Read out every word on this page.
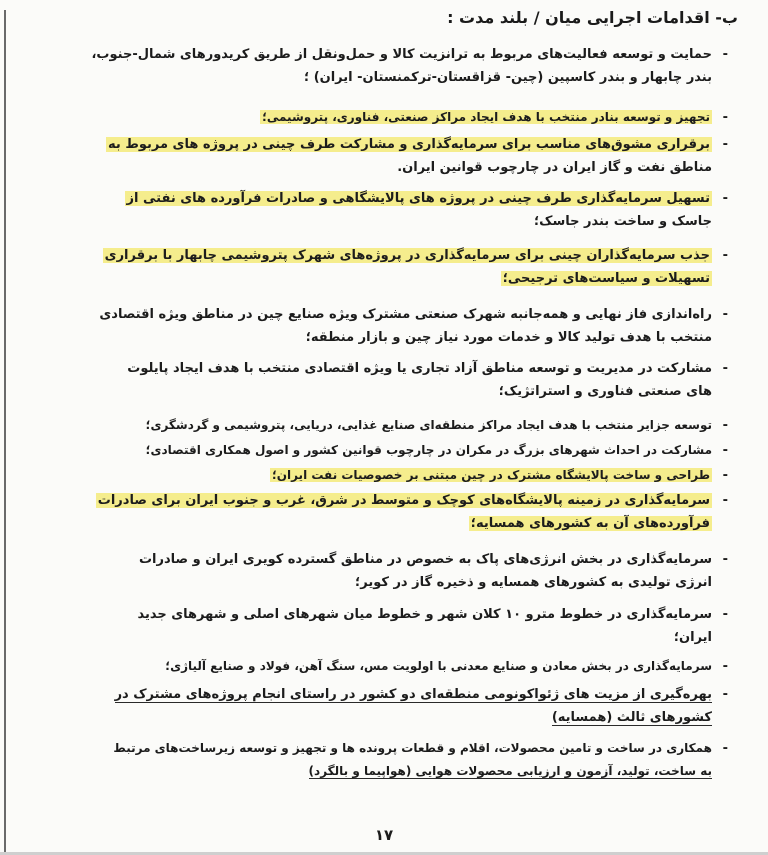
ب- اقدامات اجرایی میان / بلند مدت :
-
حمایت و توسعه فعالیت‌های مربوط به ترانزیت کالا و حمل‌ونقل از طریق کریدورهای شمال-جنوب،
بندر چابهار و بندر کاسپین (چین- قزاقستان-ترکمنستان- ایران) ؛
-
تجهیز و توسعه بنادر منتخب با هدف ایجاد مراکز صنعتی، فناوری، پتروشیمی؛
-
برقراری مشوق‌های مناسب برای سرمایه‌گذاری و مشارکت طرف چینی در پروژه های مربوط به
مناطق نفت و گاز ایران در چارچوب قوانین ایران.
-
تسهیل سرمایه‌گذاری طرف چینی در پروژه های پالایشگاهی و صادرات فرآورده های نفتی از
جاسک و ساخت بندر جاسک؛
-
جذب سرمایه‌گذاران چینی برای سرمایه‌گذاری در پروژه‌های شهرک پتروشیمی چابهار با برقراری
تسهیلات و سیاست‌های ترجیحی؛
-
راه‌اندازی فاز نهایی و همه‌جانبه شهرک صنعتی مشترک ویژه صنایع چین در مناطق ویژه اقتصادی
منتخب با هدف تولید کالا و خدمات مورد نیاز چین و بازار منطقه؛
-
مشارکت در مدیریت و توسعه مناطق آزاد تجاری یا ویژه اقتصادی منتخب با هدف ایجاد پایلوت
های صنعتی فناوری و استراتژیک؛
-
توسعه جزایر منتخب با هدف ایجاد مراکز منطقه‌ای صنایع غذایی، دریایی، پتروشیمی و گردشگری؛
-
مشارکت در احداث شهرهای بزرگ در مکران در چارچوب قوانین کشور و اصول همکاری اقتصادی؛
-
طراحی و ساخت پالایشگاه مشترک در چین مبتنی بر خصوصیات نفت ایران؛
-
سرمایه‌گذاری در زمینه پالایشگاه‌های کوچک و متوسط در شرق، غرب و جنوب ایران برای صادرات
فرآورده‌های آن به کشورهای همسایه؛
-
سرمایه‌گذاری در بخش انرژی‌های پاک به خصوص در مناطق گسترده کویری ایران و صادرات
انرژی تولیدی به کشورهای همسایه و ذخیره گاز در کویر؛
-
سرمایه‌گذاری در خطوط مترو ۱۰ کلان شهر و خطوط میان شهرهای اصلی و شهرهای جدید
ایران؛
-
سرمایه‌گذاری در بخش معادن و صنایع معدنی با اولویت مس، سنگ آهن، فولاد و صنایع آلیاژی؛
-
بهره‌گیری از مزیت های ژئواکونومی منطقه‌ای دو کشور در راستای انجام پروژه‌های مشترک در
کشورهای ثالث (همسایه)
-
همکاری در ساخت و تامین محصولات، اقلام و قطعات پرونده ها و تجهیز و توسعه زیرساخت‌های مرتبط
به ساخت، تولید، آزمون و ارزیابی محصولات هوایی (هواپیما و بالگرد)
۱۷
